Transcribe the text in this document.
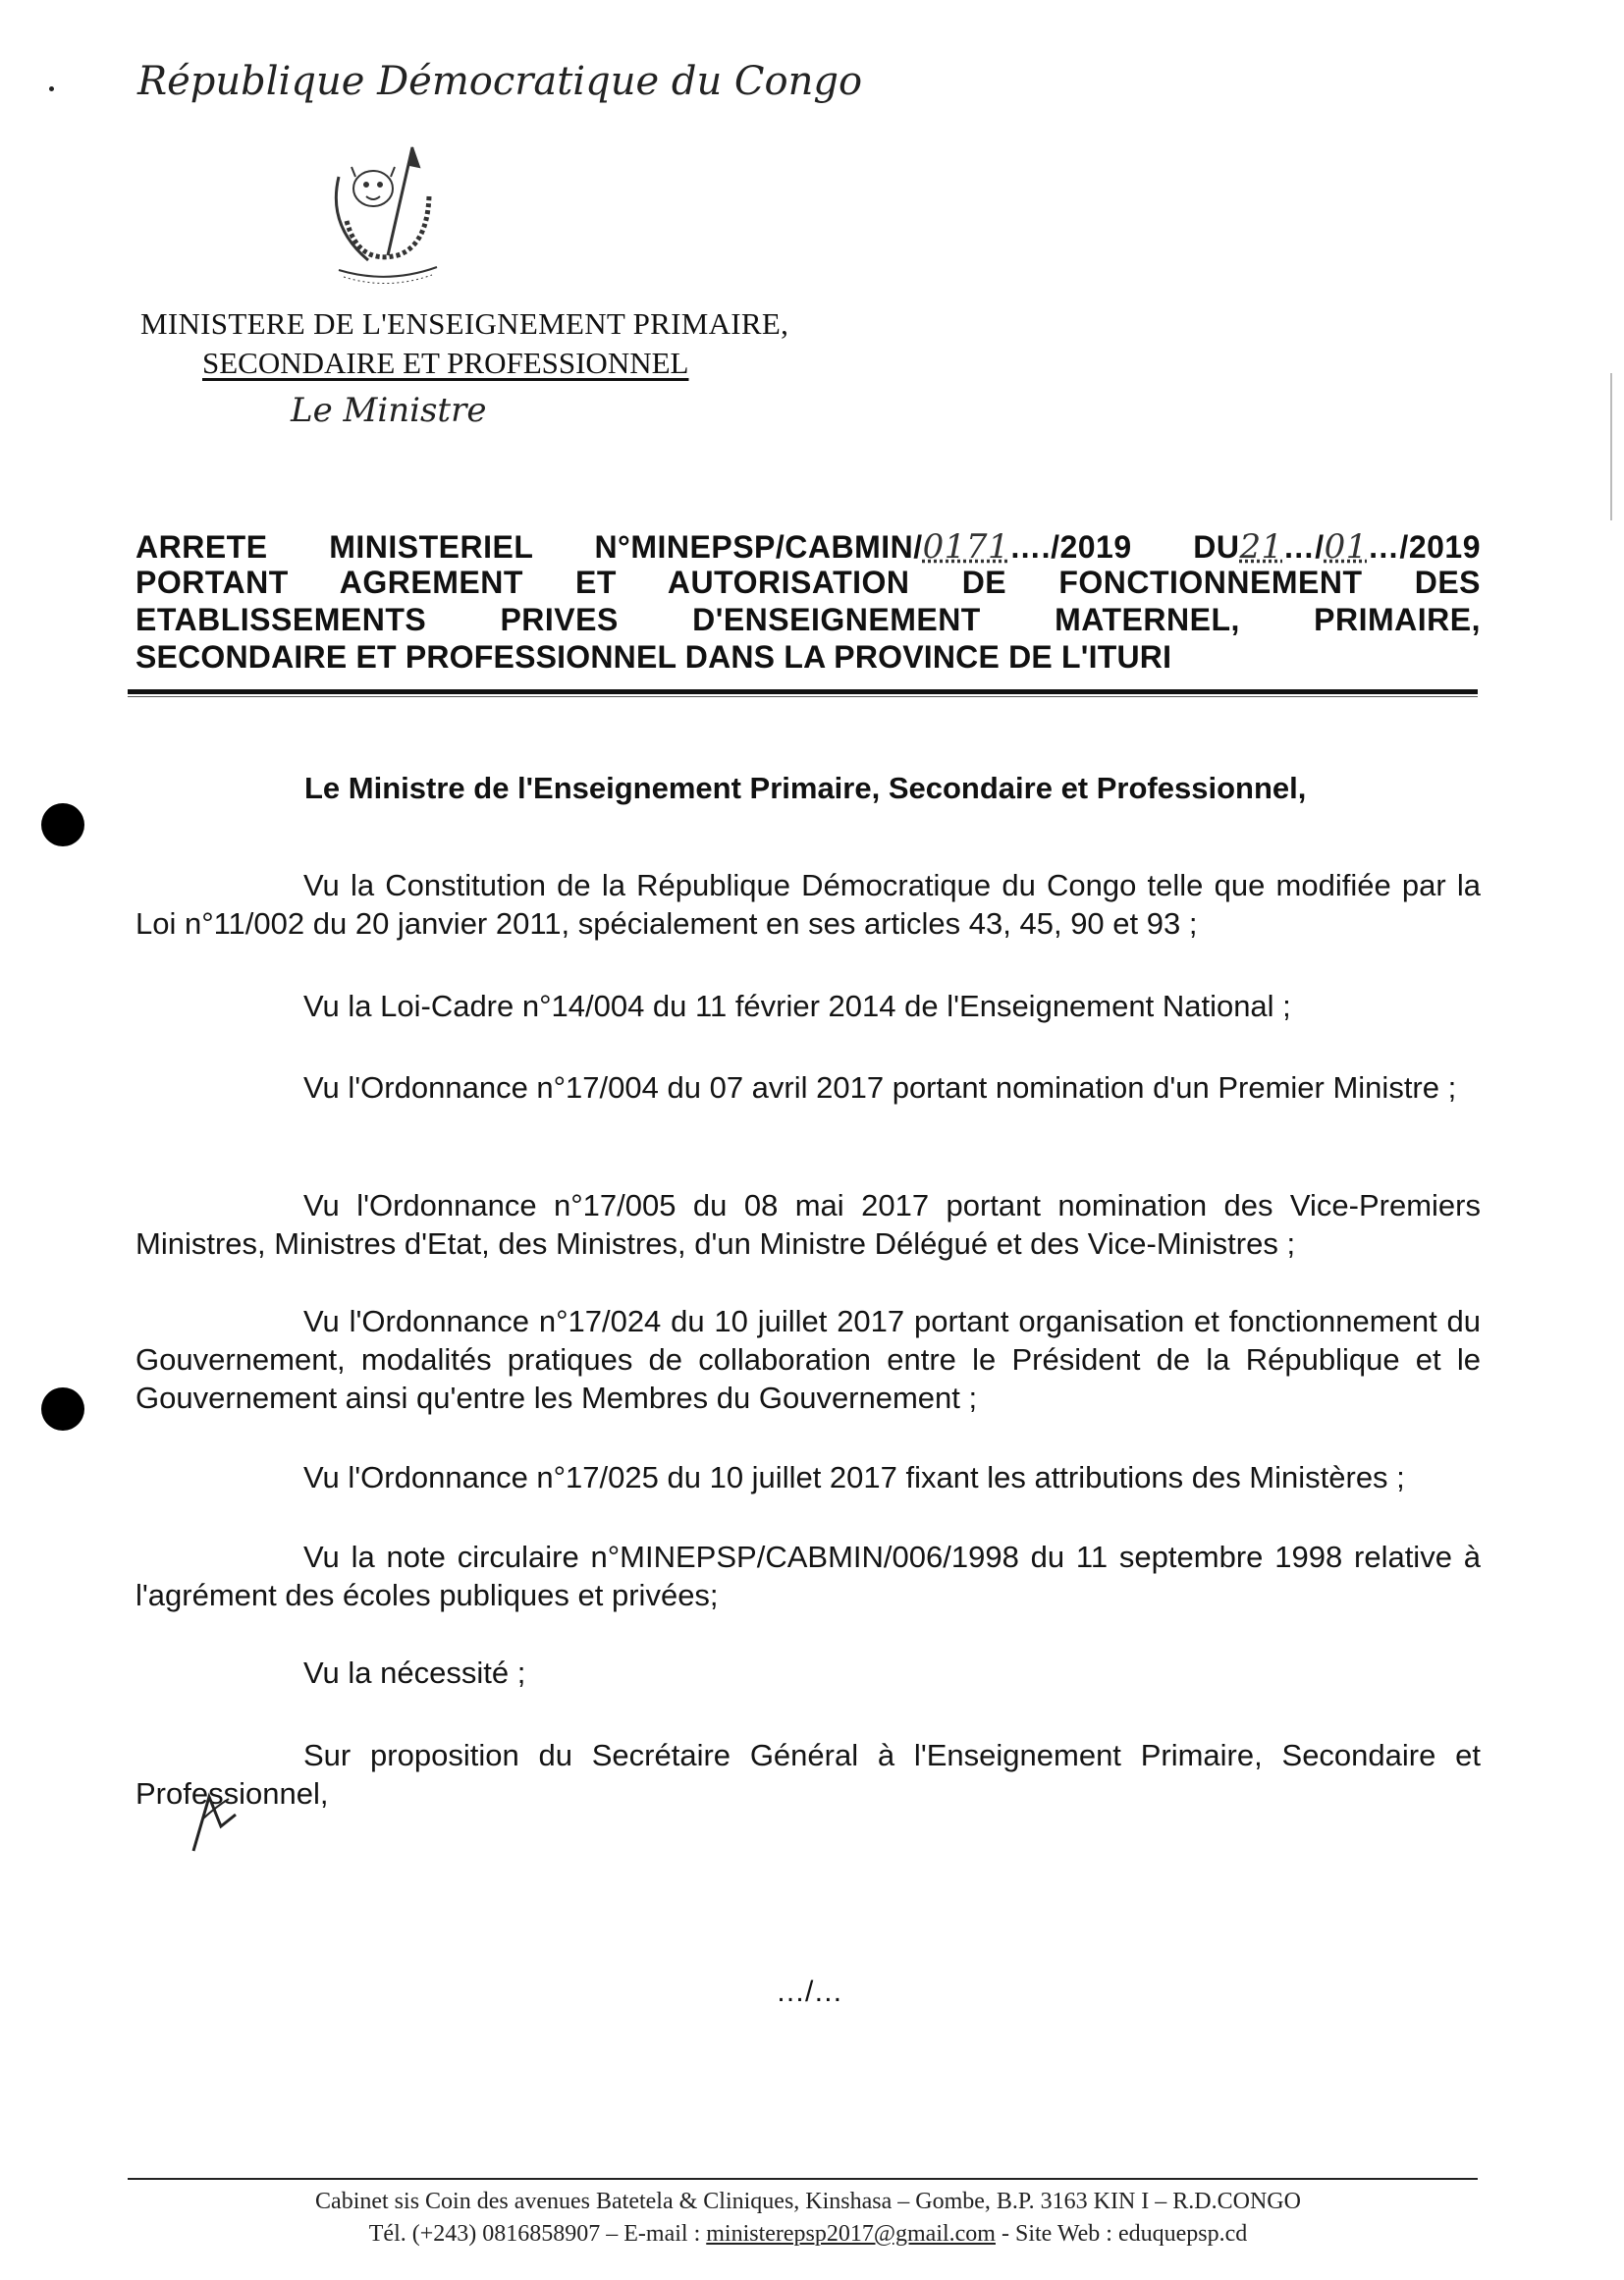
République Démocratique du Congo
MINISTERE DE L'ENSEIGNEMENT PRIMAIRE,
SECONDAIRE ET PROFESSIONNEL
Le Ministre
ARRETE MINISTERIEL N°MINEPSP/CABMIN/0171…./2019 DU21…/01…/2019
PORTANT AGREMENT ET AUTORISATION DE FONCTIONNEMENT DES
ETABLISSEMENTS PRIVES D'ENSEIGNEMENT MATERNEL, PRIMAIRE,
SECONDAIRE ET PROFESSIONNEL DANS LA PROVINCE DE L'ITURI
Le Ministre de l'Enseignement Primaire, Secondaire et Professionnel,

Vu la Constitution de la République Démocratique du Congo telle que modifiée par la Loi n°11/002 du 20 janvier 2011, spécialement en ses articles 43, 45, 90 et 93 ;

Vu la Loi-Cadre n°14/004 du 11 février 2014 de l'Enseignement National ;

Vu l'Ordonnance n°17/004 du 07 avril 2017 portant nomination d'un Premier Ministre ;

Vu l'Ordonnance n°17/005 du 08 mai 2017 portant nomination des Vice-Premiers Ministres, Ministres d'Etat, des Ministres, d'un Ministre Délégué et des Vice-Ministres ;

Vu l'Ordonnance n°17/024 du 10 juillet 2017 portant organisation et fonctionnement du Gouvernement, modalités pratiques de collaboration entre le Président de la République et le Gouvernement ainsi qu'entre les Membres du Gouvernement ;

Vu l'Ordonnance n°17/025 du 10 juillet 2017 fixant les attributions des Ministères ;

Vu la note circulaire n°MINEPSP/CABMIN/006/1998 du 11 septembre 1998 relative à l'agrément des écoles publiques et privées;

Vu la nécessité ;

Sur proposition du Secrétaire Général à l'Enseignement Primaire, Secondaire et Professionnel,

…/…
Cabinet sis Coin des avenues Batetela & Cliniques, Kinshasa – Gombe, B.P. 3163 KIN I – R.D.CONGO
Tél. (+243) 0816858907 – E-mail : ministerepsp2017@gmail.com - Site Web : eduquepsp.cd
